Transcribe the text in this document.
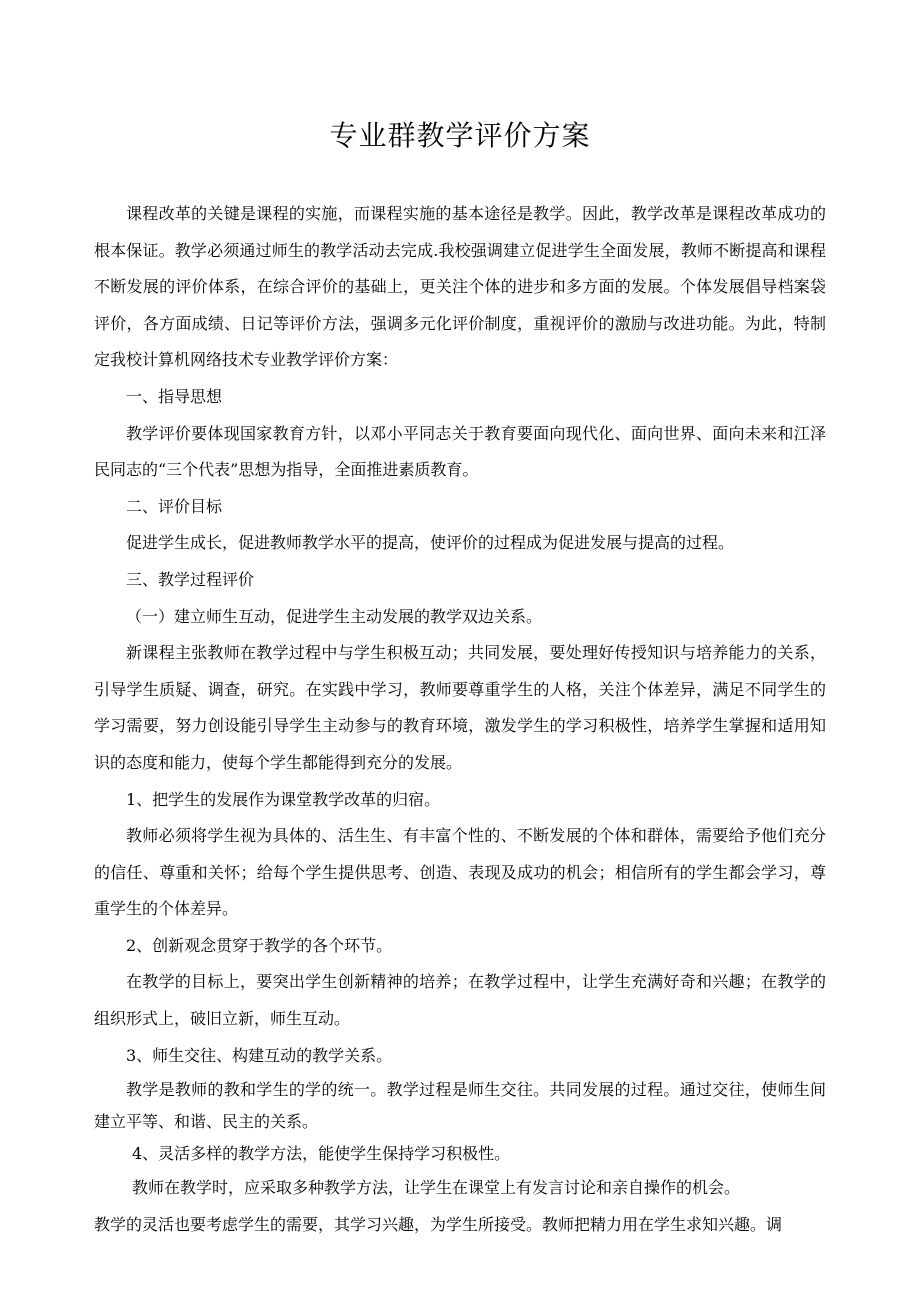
专业群教学评价方案

课程改革的关键是课程的实施，而课程实施的基本途径是教学。因此，教学改革是课程改革成功的根本保证。教学必须通过师生的教学活动去完成.我校强调建立促进学生全面发展，教师不断提高和课程不断发展的评价体系，在综合评价的基础上，更关注个体的进步和多方面的发展。个体发展倡导档案袋评价，各方面成绩、日记等评价方法，强调多元化评价制度，重视评价的激励与改进功能。为此，特制定我校计算机网络技术专业教学评价方案：

一、指导思想

教学评价要体现国家教育方针，以邓小平同志关于教育要面向现代化、面向世界、面向未来和江泽民同志的“三个代表”思想为指导，全面推进素质教育。

二、评价目标

促进学生成长，促进教师教学水平的提高，使评价的过程成为促进发展与提高的过程。

三、教学过程评价

（一）建立师生互动，促进学生主动发展的教学双边关系。

新课程主张教师在教学过程中与学生积极互动；共同发展，要处理好传授知识与培养能力的关系，引导学生质疑、调查，研究。在实践中学习，教师要尊重学生的人格，关注个体差异，满足不同学生的学习需要，努力创设能引导学生主动参与的教育环境，激发学生的学习积极性，培养学生掌握和适用知识的态度和能力，使每个学生都能得到充分的发展。

1、把学生的发展作为课堂教学改革的归宿。

教师必须将学生视为具体的、活生生、有丰富个性的、不断发展的个体和群体，需要给予他们充分的信任、尊重和关怀；给每个学生提供思考、创造、表现及成功的机会；相信所有的学生都会学习，尊重学生的个体差异。

2、创新观念贯穿于教学的各个环节。

在教学的目标上，要突出学生创新精神的培养；在教学过程中，让学生充满好奇和兴趣；在教学的组织形式上，破旧立新，师生互动。

3、师生交往、构建互动的教学关系。

教学是教师的教和学生的学的统一。教学过程是师生交往。共同发展的过程。通过交往，使师生间建立平等、和谐、民主的关系。

4、灵活多样的教学方法，能使学生保持学习积极性。

教师在教学时，应采取多种教学方法，让学生在课堂上有发言讨论和亲自操作的机会。

教学的灵活也要考虑学生的需要，其学习兴趣，为学生所接受。教师把精力用在学生求知兴趣。调
